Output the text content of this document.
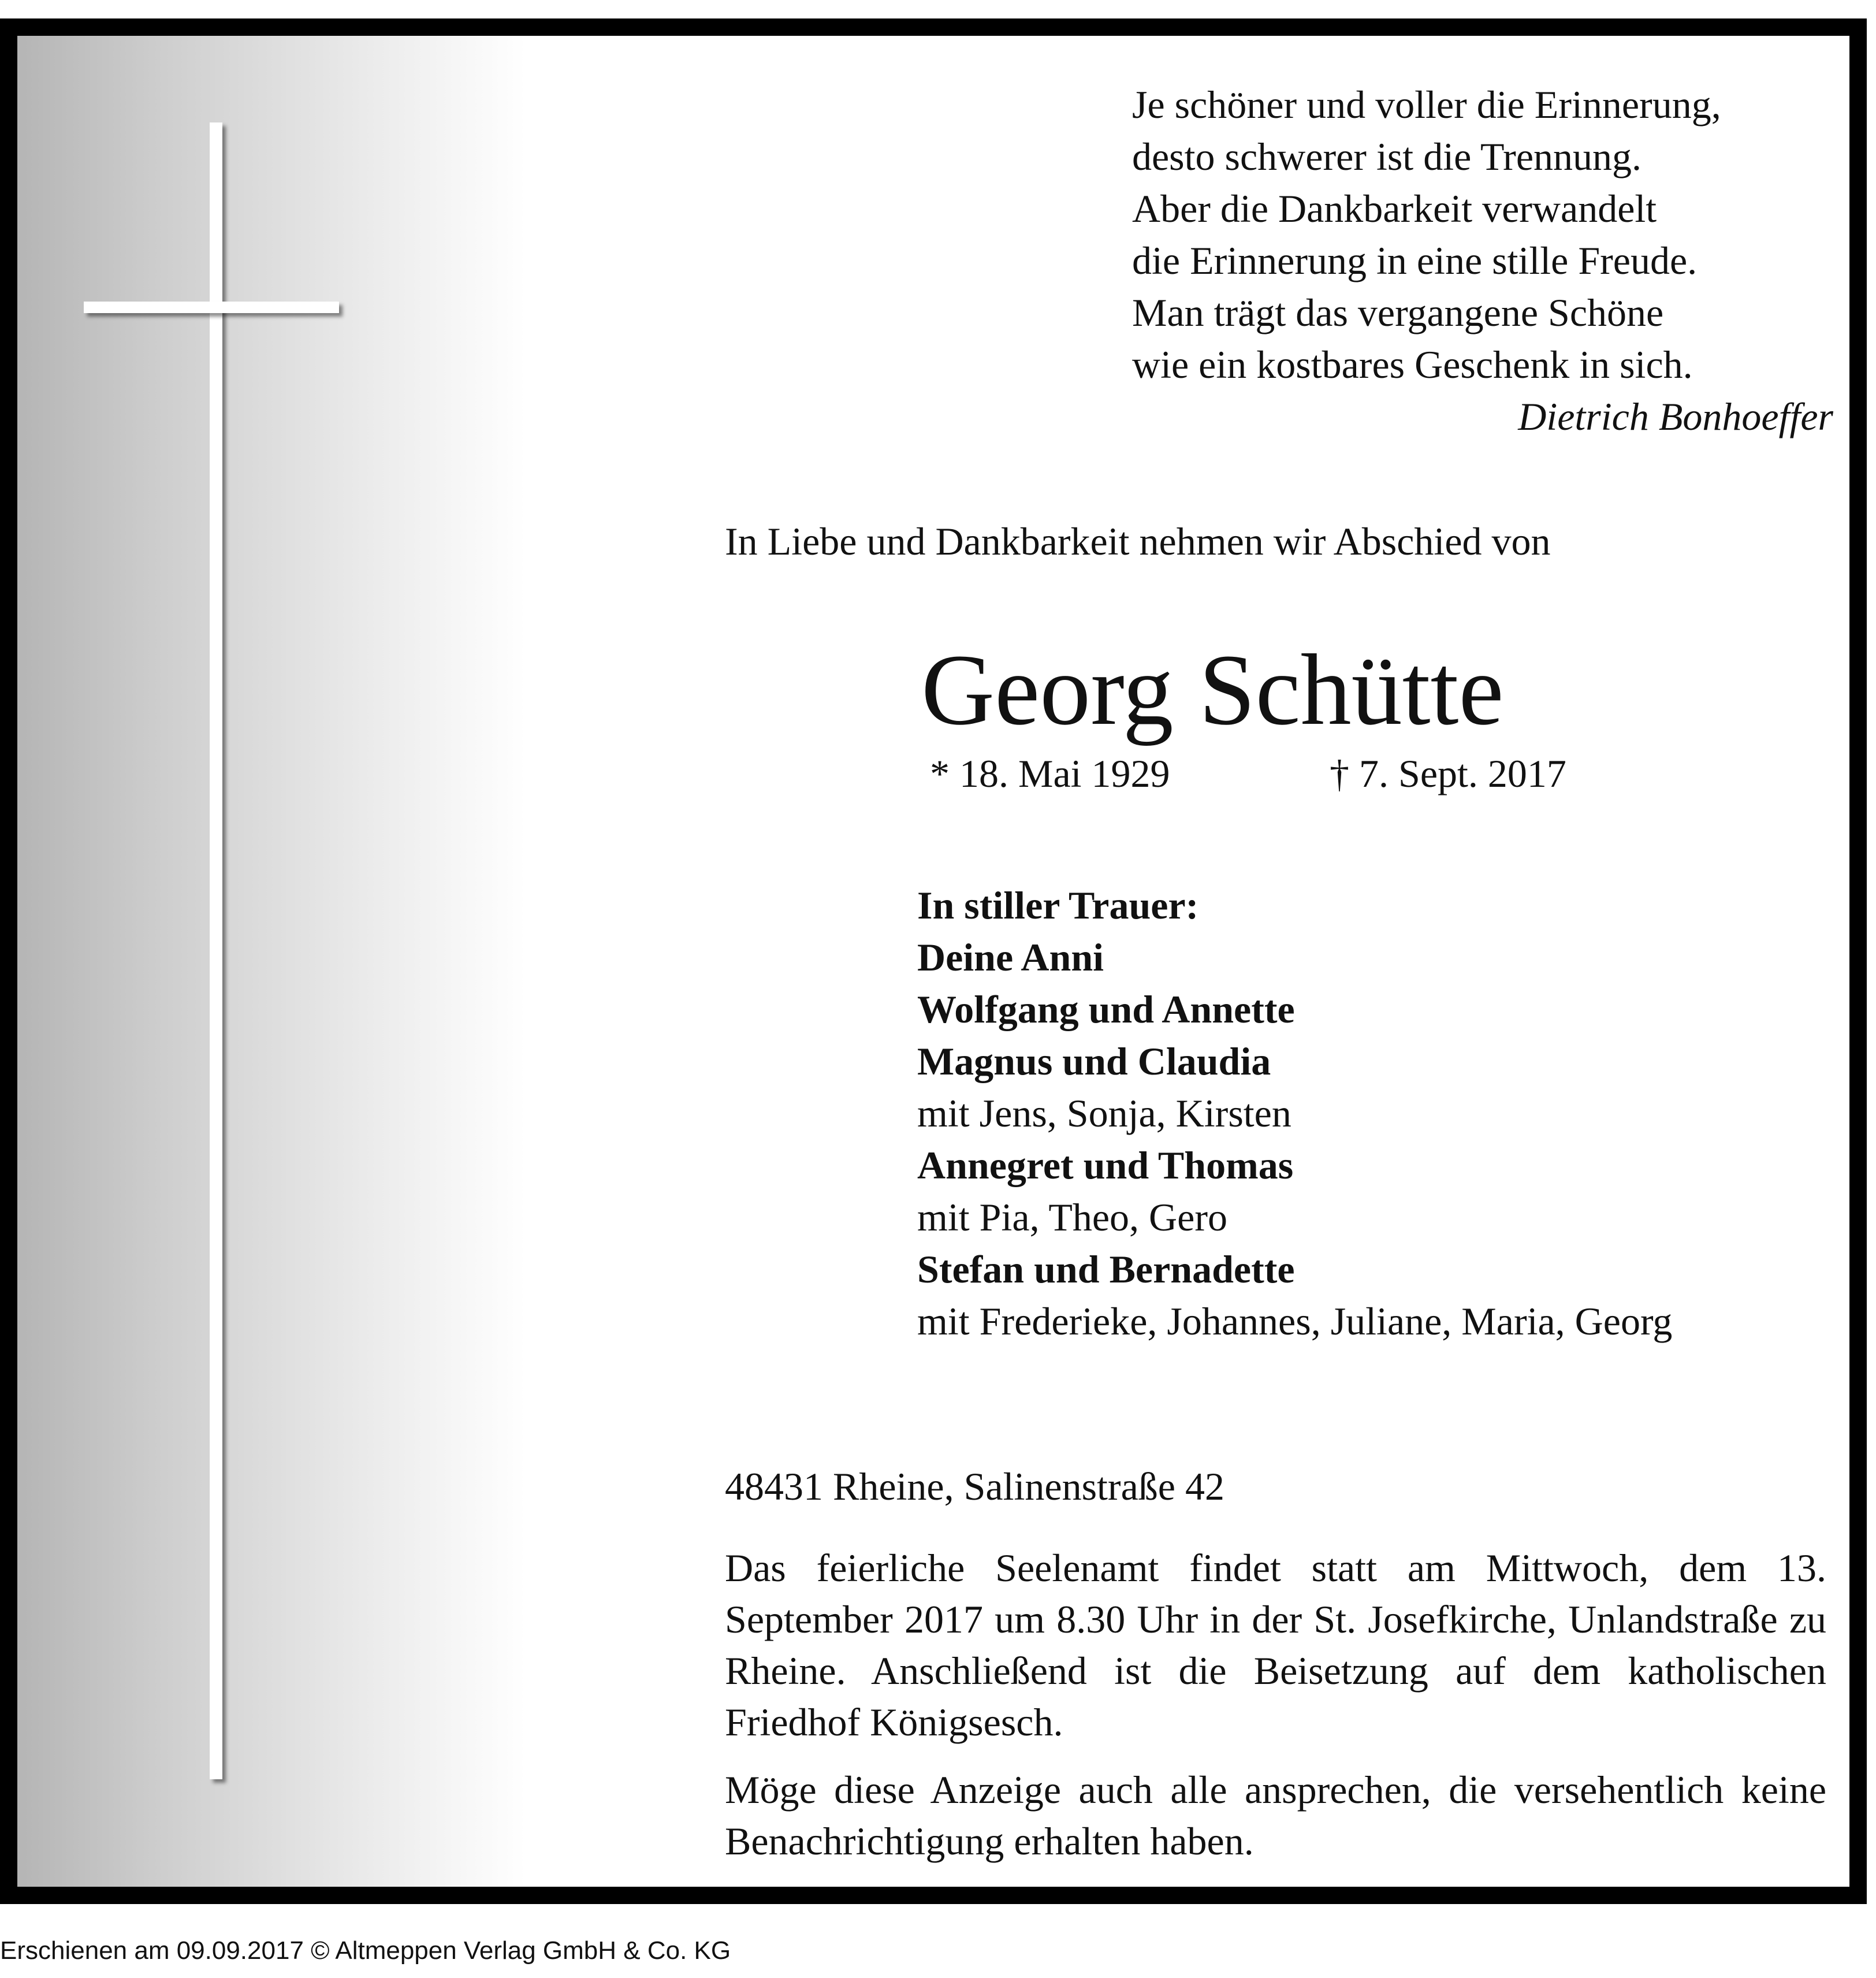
Je schöner und voller die Erinnerung,
desto schwerer ist die Trennung.
Aber die Dankbarkeit verwandelt
die Erinnerung in eine stille Freude.
Man trägt das vergangene Schöne
wie ein kostbares Geschenk in sich.
Dietrich Bonhoeffer
In Liebe und Dankbarkeit nehmen wir Abschied von
Georg Schütte
* 18. Mai 1929	† 7. Sept. 2017
In stiller Trauer:
Deine Anni
Wolfgang und Annette
Magnus und Claudia
mit Jens, Sonja, Kirsten
Annegret und Thomas
mit Pia, Theo, Gero
Stefan und Bernadette
mit Frederieke, Johannes, Juliane, Maria, Georg
48431 Rheine, Salinenstraße 42

Das feierliche Seelenamt findet statt am Mittwoch, dem 13. September 2017 um 8.30 Uhr in der St. Josefkirche, Unlandstraße zu Rheine. Anschließend ist die Beisetzung auf dem katholischen Friedhof Königsesch.

Möge diese Anzeige auch alle ansprechen, die versehentlich keine Benachrichtigung erhalten haben.

Erschienen am 09.09.2017 © Altmeppen Verlag GmbH & Co. KG
